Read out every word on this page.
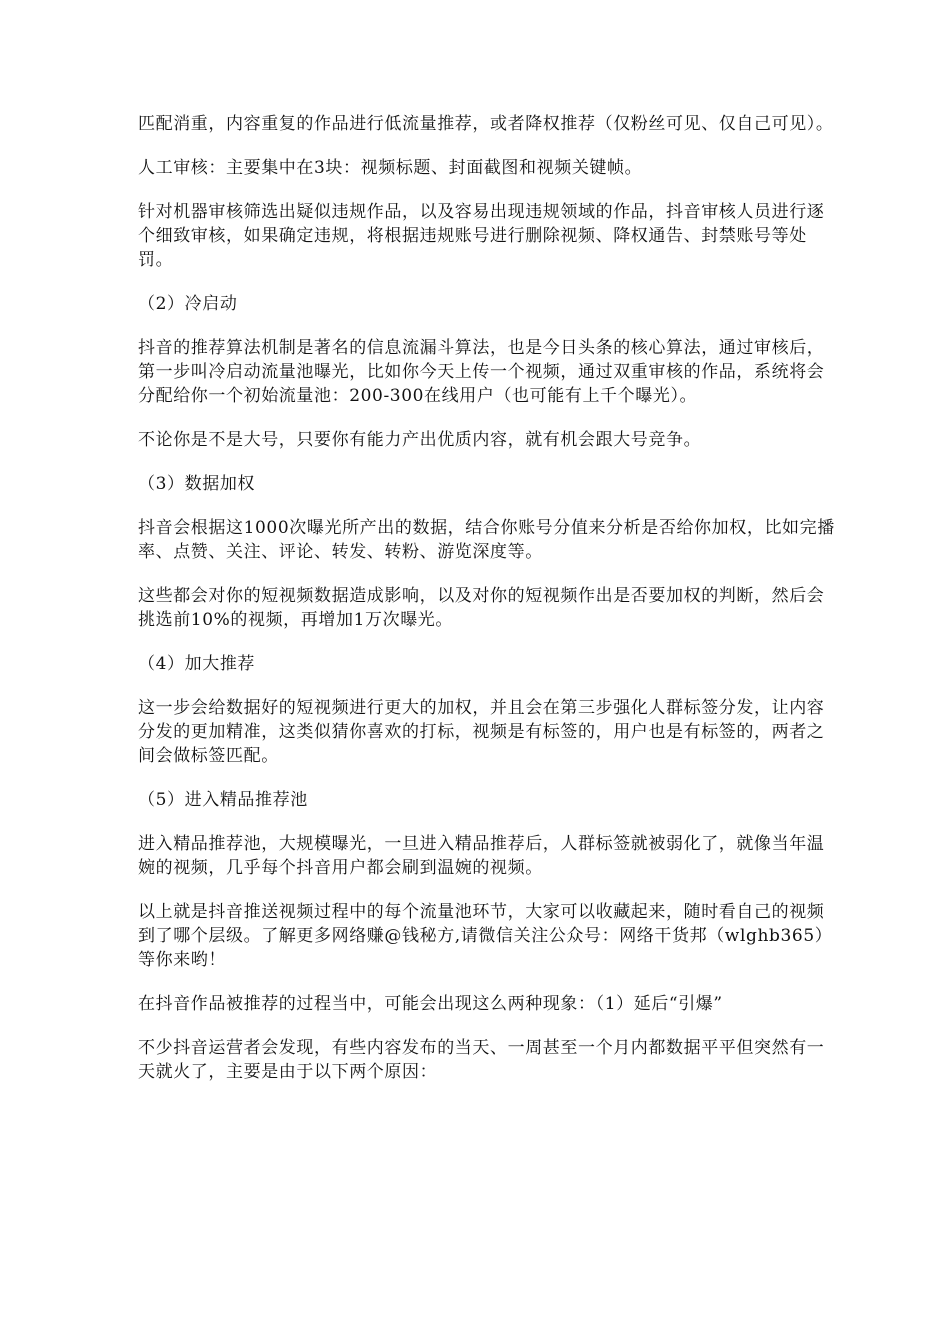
匹配消重，内容重复的作品进行低流量推荐，或者降权推荐（仅粉丝可见、仅自己可见）。

人工审核：主要集中在3块：视频标题、封面截图和视频关键帧。

针对机器审核筛选出疑似违规作品，以及容易出现违规领域的作品，抖音审核人员进行逐个细致审核，如果确定违规，将根据违规账号进行删除视频、降权通告、封禁账号等处罚。

（2）冷启动

抖音的推荐算法机制是著名的信息流漏斗算法，也是今日头条的核心算法，通过审核后，第一步叫冷启动流量池曝光，比如你今天上传一个视频，通过双重审核的作品，系统将会分配给你一个初始流量池：200-300在线用户（也可能有上千个曝光）。

不论你是不是大号，只要你有能力产出优质内容，就有机会跟大号竞争。

（3）数据加权

抖音会根据这1000次曝光所产出的数据，结合你账号分值来分析是否给你加权，比如完播率、点赞、关注、评论、转发、转粉、游览深度等。

这些都会对你的短视频数据造成影响，以及对你的短视频作出是否要加权的判断，然后会挑选前10%的视频，再增加1万次曝光。

（4）加大推荐

这一步会给数据好的短视频进行更大的加权，并且会在第三步强化人群标签分发，让内容分发的更加精准，这类似猜你喜欢的打标，视频是有标签的，用户也是有标签的，两者之间会做标签匹配。

（5）进入精品推荐池

进入精品推荐池，大规模曝光，一旦进入精品推荐后，人群标签就被弱化了，就像当年温婉的视频，几乎每个抖音用户都会刷到温婉的视频。

以上就是抖音推送视频过程中的每个流量池环节，大家可以收藏起来，随时看自己的视频到了哪个层级。了解更多网络赚@钱秘方,请微信关注公众号：网络干货邦（wlghb365）等你来哟！

在抖音作品被推荐的过程当中，可能会出现这么两种现象：（1）延后“引爆”

不少抖音运营者会发现，有些内容发布的当天、一周甚至一个月内都数据平平但突然有一天就火了，主要是由于以下两个原因：
